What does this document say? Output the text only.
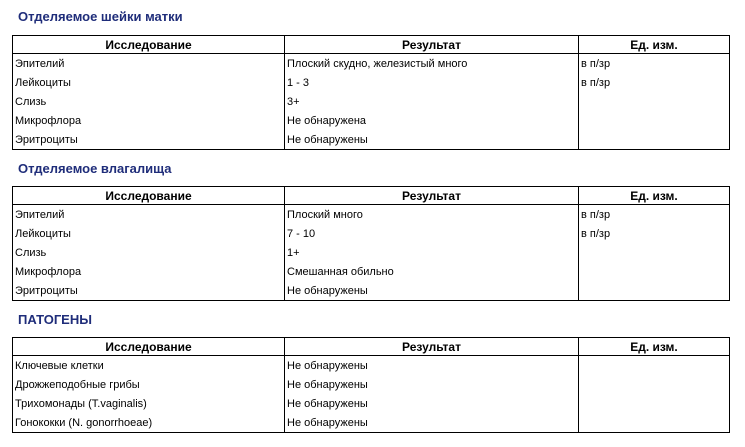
Отделяемое шейки матки
Исследование	Результат	Ед. изм.
Эпителий	Плоский скудно, железистый много	в п/зр
Лейкоциты	1 - 3	в п/зр
Слизь	3+	
Микрофлора	Не обнаружена	
Эритроциты	Не обнаружены	
Отделяемое влагалища
Исследование	Результат	Ед. изм.
Эпителий	Плоский много	в п/зр
Лейкоциты	7 - 10	в п/зр
Слизь	1+	
Микрофлора	Смешанная обильно	
Эритроциты	Не обнаружены	
ПАТОГЕНЫ
Исследование	Результат	Ед. изм.
Ключевые клетки	Не обнаружены	
Дрожжеподобные грибы	Не обнаружены	
Трихомонады (T.vaginalis)	Не обнаружены	
Гонококки (N. gonorrhoeae)	Не обнаружены	
